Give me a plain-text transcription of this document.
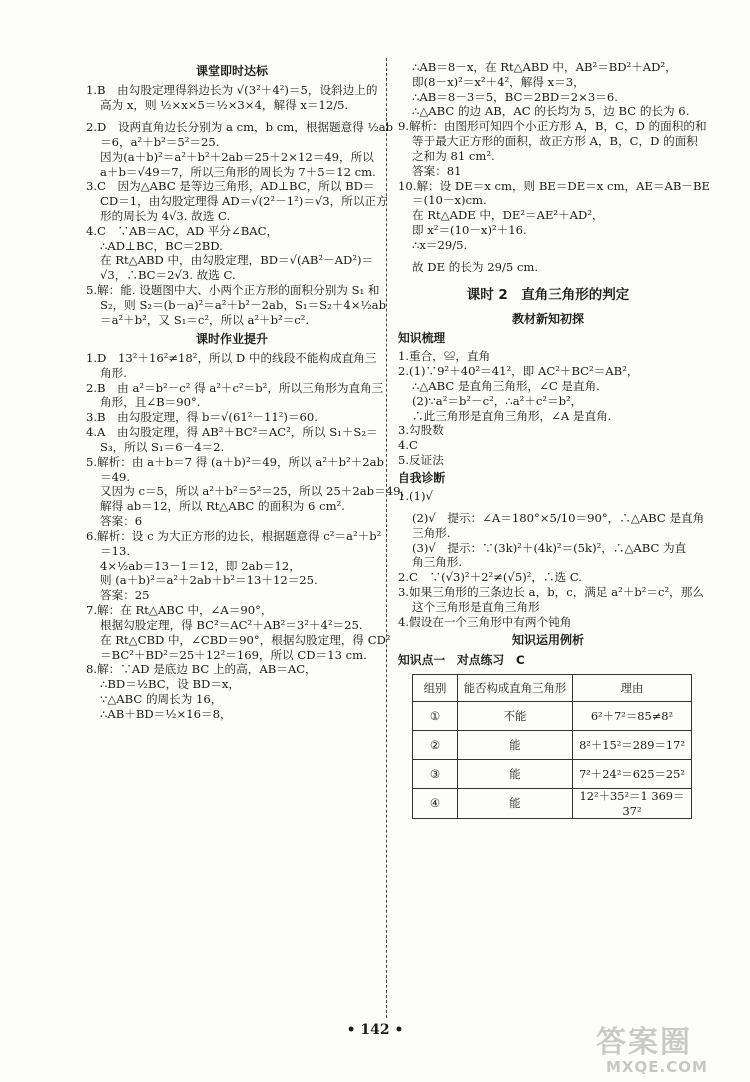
课堂即时达标
1.B　由勾股定理得斜边长为 √(3²＋4²)＝5，设斜边上的
高为 x，则 ½×x×5＝½×3×4，解得 x＝12/5.
2.D　设两直角边长分别为 a cm，b cm，根据题意得 ½ab
＝6，a²＋b²＝5²＝25.
因为(a＋b)²＝a²＋b²＋2ab＝25＋2×12＝49，所以
a＋b＝√49＝7，所以三角形的周长为 7＋5＝12 cm.
3.C　因为△ABC 是等边三角形，AD⊥BC，所以 BD＝
CD＝1，由勾股定理得 AD＝√(2²－1²)＝√3，所以正方
形的周长为 4√3. 故选 C.
4.C　∵AB＝AC，AD 平分∠BAC，
∴AD⊥BC，BC＝2BD.
在 Rt△ABD 中，由勾股定理，BD＝√(AB²－AD²)＝
√3，∴BC＝2√3. 故选 C.
5.解：能. 设题图中大、小两个正方形的面积分别为 S₁ 和
S₂，则 S₂＝(b－a)²＝a²＋b²－2ab，S₁＝S₂＋4×½ab
＝a²＋b²，又 S₁＝c²，所以 a²＋b²＝c².
课时作业提升
1.D　13²＋16²≠18²，所以 D 中的线段不能构成直角三
角形.
2.B　由 a²＝b²－c² 得 a²＋c²＝b²，所以三角形为直角三
角形，且∠B＝90°.
3.B　由勾股定理，得 b＝√(61²－11²)＝60.
4.A　由勾股定理，得 AB²＋BC²＝AC²，所以 S₁＋S₂＝
S₃，所以 S₁＝6－4＝2.
5.解析：由 a＋b＝7 得 (a＋b)²＝49，所以 a²＋b²＋2ab
＝49.
又因为 c＝5，所以 a²＋b²＝5²＝25，所以 25＋2ab＝49，
解得 ab＝12，所以 Rt△ABC 的面积为 6 cm².
答案：6
6.解析：设 c 为大正方形的边长，根据题意得 c²＝a²＋b²
＝13.
4×½ab＝13－1＝12，即 2ab＝12，
则 (a＋b)²＝a²＋2ab＋b²＝13＋12＝25.
答案：25
7.解：在 Rt△ABC 中，∠A＝90°，
根据勾股定理，得 BC²＝AC²＋AB²＝3²＋4²＝25.
在 Rt△CBD 中，∠CBD＝90°，根据勾股定理，得 CD²
＝BC²＋BD²＝25＋12²＝169，所以 CD＝13 cm.
8.解：∵AD 是底边 BC 上的高，AB＝AC，
∴BD＝½BC，设 BD＝x，
∵△ABC 的周长为 16，
∴AB＋BD＝½×16＝8，
∴AB＝8－x，在 Rt△ABD 中，AB²＝BD²＋AD²，
即(8－x)²＝x²＋4²，解得 x＝3，
∴AB＝8－3＝5，BC＝2BD＝2×3＝6.
∴△ABC 的边 AB，AC 的长均为 5，边 BC 的长为 6.
9.解析：由图形可知四个小正方形 A，B，C，D 的面积的和
等于最大正方形的面积，故正方形 A，B，C，D 的面积
之和为 81 cm².
答案：81
10.解：设 DE＝x cm，则 BE＝DE＝x cm，AE＝AB－BE
＝(10－x)cm.
在 Rt△ADE 中，DE²＝AE²＋AD²，
即 x²＝(10－x)²＋16.
∴x＝29/5.
故 DE 的长为 29/5 cm.
课时 2　直角三角形的判定
教材新知初探
知识梳理
1.重合，≌，直角
2.(1)∵9²＋40²＝41²，即 AC²＋BC²＝AB²，
∴△ABC 是直角三角形，∠C 是直角.
(2)∵a²＝b²－c²，∴a²＋c²＝b²，
∴此三角形是直角三角形，∠A 是直角.
3.勾股数
4.C
5.反证法
自我诊断
1.(1)√
(2)√　提示：∠A＝180°×5/10＝90°，∴△ABC 是直角
三角形.
(3)√　提示：∵(3k)²＋(4k)²＝(5k)²，∴△ABC 为直
角三角形.
2.C　∵(√3)²＋2²≠(√5)²，∴选 C.
3.如果三角形的三条边长 a，b，c，满足 a²＋b²＝c²，那么
这个三角形是直角三角形
4.假设在一个三角形中有两个钝角
知识运用例析
知识点一　对点练习　C
组别	能否构成直角三角形	理由
①	不能	6²＋7²＝85≠8²
②	能	8²＋15²＝289＝17²
③	能	7²＋24²＝625＝25²
④	能	12²＋35²＝1 369＝37²
• 142 •	答案圈
MXQE.COM
